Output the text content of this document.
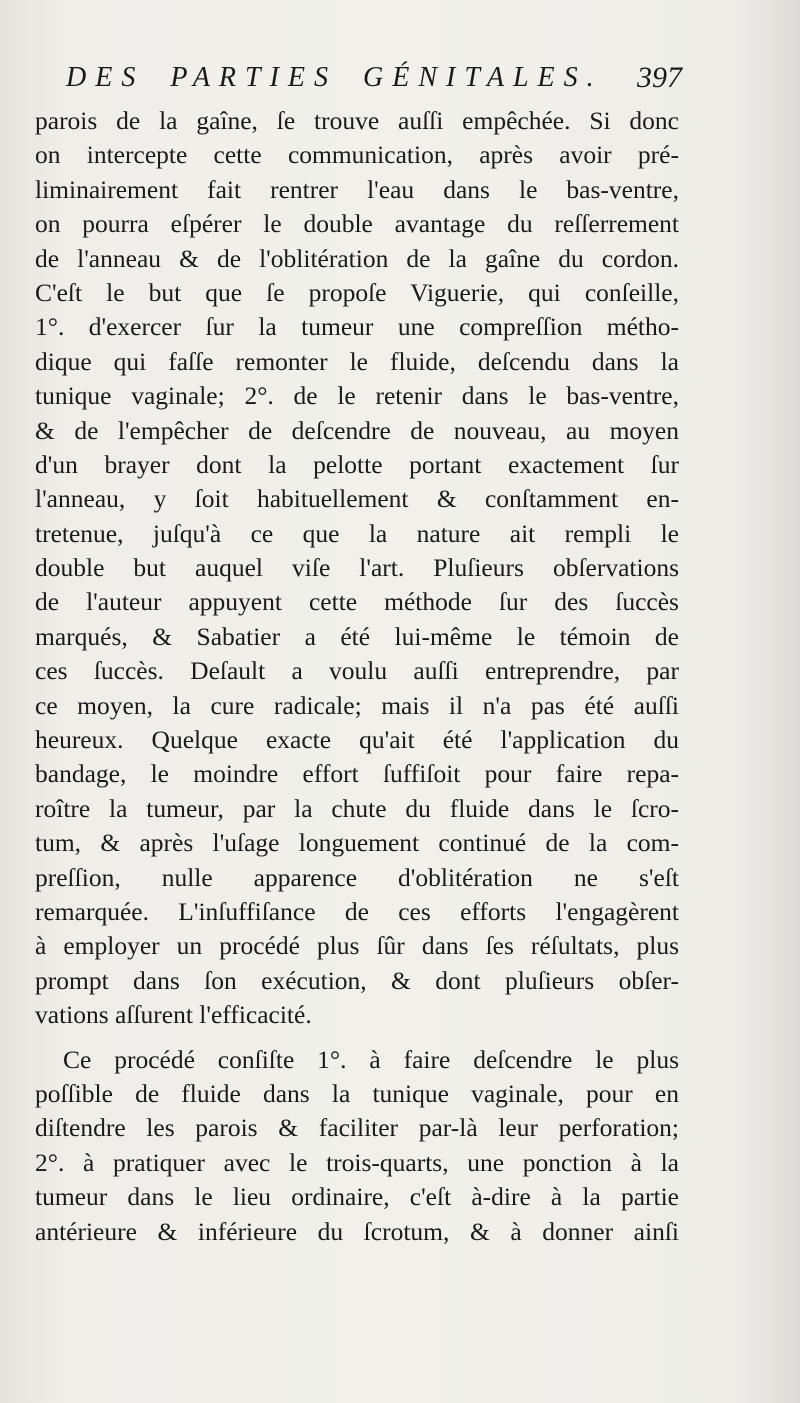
DES PARTIES GÉNITALES. 397
parois de la gaîne, ſe trouve auſſi empêchée. Si donc
on intercepte cette communication, après avoir pré-
liminairement fait rentrer l'eau dans le bas-ventre,
on pourra eſpérer le double avantage du reſſerrement
de l'anneau & de l'oblitération de la gaîne du cordon.
C'eſt le but que ſe propoſe Viguerie, qui conſeille,
1°. d'exercer ſur la tumeur une compreſſion métho-
dique qui faſſe remonter le fluide, deſcendu dans la
tunique vaginale; 2°. de le retenir dans le bas-ventre,
& de l'empêcher de deſcendre de nouveau, au moyen
d'un brayer dont la pelotte portant exactement ſur
l'anneau, y ſoit habituellement & conſtamment en-
tretenue, juſqu'à ce que la nature ait rempli le
double but auquel viſe l'art. Pluſieurs obſervations
de l'auteur appuyent cette méthode ſur des ſuccès
marqués, & Sabatier a été lui-même le témoin de
ces ſuccès. Deſault a voulu auſſi entreprendre, par
ce moyen, la cure radicale; mais il n'a pas été auſſi
heureux. Quelque exacte qu'ait été l'application du
bandage, le moindre effort ſuffiſoit pour faire repa-
roître la tumeur, par la chute du fluide dans le ſcro-
tum, & après l'uſage longuement continué de la com-
preſſion, nulle apparence d'oblitération ne s'eſt
remarquée. L'inſuffiſance de ces efforts l'engagèrent
à employer un procédé plus ſûr dans ſes réſultats, plus
prompt dans ſon exécution, & dont pluſieurs obſer-
vations aſſurent l'efficacité.
Ce procédé conſiſte 1°. à faire deſcendre le plus
poſſible de fluide dans la tunique vaginale, pour en
diſtendre les parois & faciliter par-là leur perforation;
2°. à pratiquer avec le trois-quarts, une ponction à la
tumeur dans le lieu ordinaire, c'eſt à-dire à la partie
antérieure & inférieure du ſcrotum, & à donner ainſi
